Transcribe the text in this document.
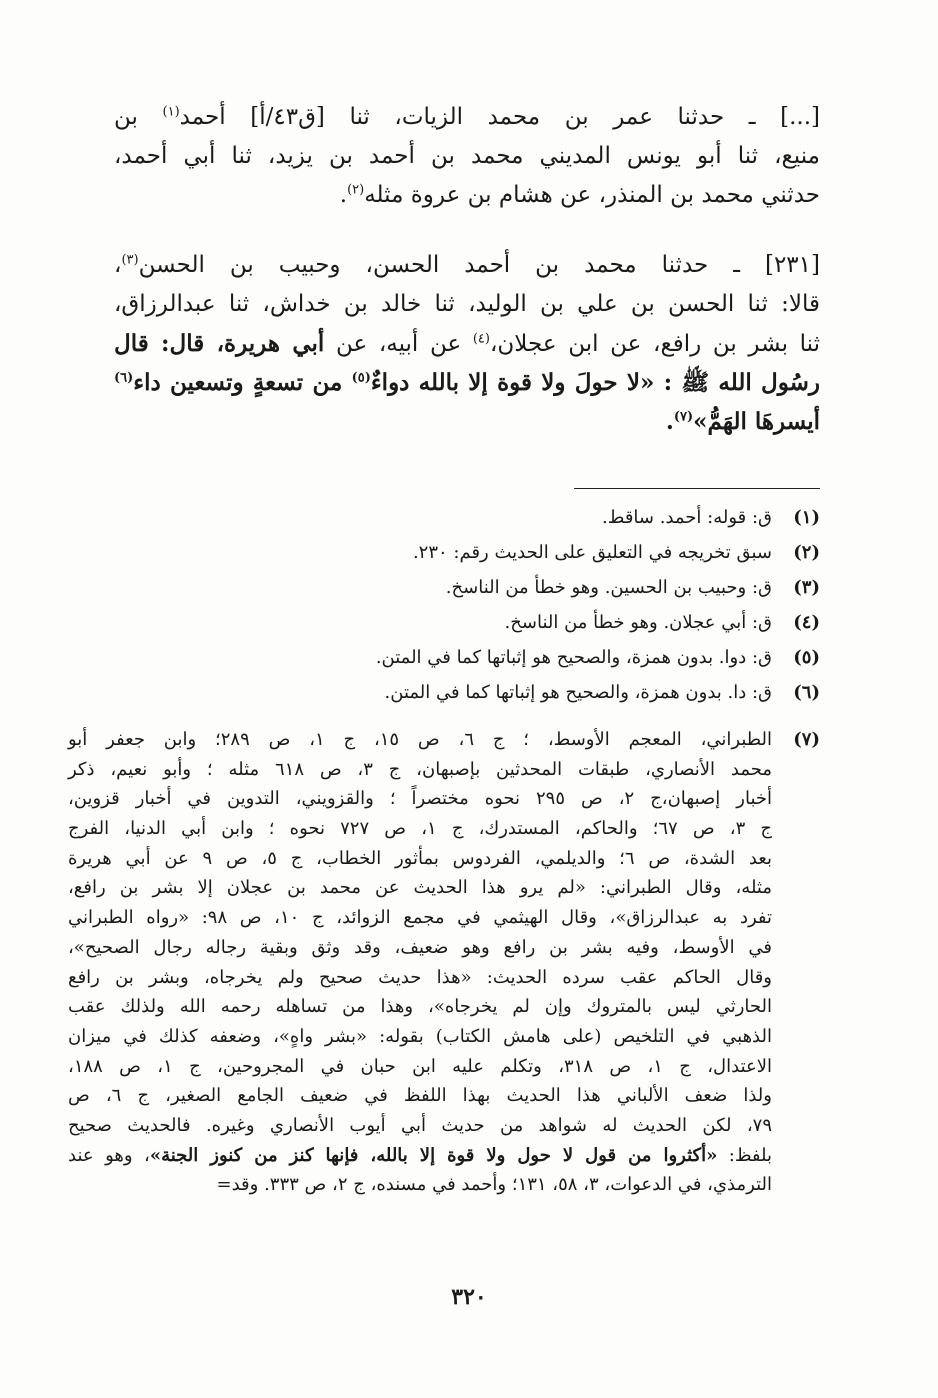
[...] ـ حدثنا عمر بن محمد الزيات، ثنا [ق٤٣/أ] أحمد$^{(١)}$ بن
منيع، ثنا أبو يونس المديني محمد بن أحمد بن يزيد، ثنا أبي أحمد،
حدثني محمد بن المنذر، عن هشام بن عروة مثله$^{(٢)}$.
[٢٣١] ـ حدثنا محمد بن أحمد الحسن، وحبيب بن الحسن$^{(٣)}$،
قالا: ثنا الحسن بن علي بن الوليد، ثنا خالد بن خداش، ثنا عبدالرزاق،
ثنا بشر بن رافع، عن ابن عجلان،$^{(٤)}$ عن أبيه، عن أبي هريرة، قال: قال
رسُول الله ﷺ : «لا حولَ ولا قوة إلا بالله دواءٌ$^{(٥)}$ من تسعةٍ وتسعين داء$^{(٦)}$
أيسرهَا الهَمُّ»$^{(٧)}$.
(١)
ق: قوله: أحمد. ساقط.
(٢)
سبق تخريجه في التعليق على الحديث رقم: ٢٣٠.
(٣)
ق: وحبيب بن الحسين. وهو خطأ من الناسخ.
(٤)
ق: أبي عجلان. وهو خطأ من الناسخ.
(٥)
ق: دوا. بدون همزة، والصحيح هو إثباتها كما في المتن.
(٦)
ق: دا. بدون همزة، والصحيح هو إثباتها كما في المتن.
(٧)
الطبراني، المعجم الأوسط، ؛ ج ٦، ص ١٥، ج ١، ص ٢٨٩؛ وابن جعفر أبو
محمد الأنصاري، طبقات المحدثين بإصبهان، ج ٣، ص ٦١٨ مثله ؛ وأبو نعيم، ذكر
أخبار إصبهان،ج ٢، ص ٢٩٥ نحوه مختصراً ؛ والقزويني، التدوين في أخبار قزوين،
ج ٣، ص ٦٧؛ والحاكم، المستدرك، ج ١، ص ٧٢٧ نحوه ؛ وابن أبي الدنيا، الفرج
بعد الشدة، ص ٦؛ والديلمي، الفردوس بمأثور الخطاب، ج ٥، ص ٩ عن أبي هريرة
مثله، وقال الطبراني: «لم يرو هذا الحديث عن محمد بن عجلان إلا بشر بن رافع،
تفرد به عبدالرزاق»، وقال الهيثمي في مجمع الزوائد، ج ١٠، ص ٩٨: «رواه الطبراني
في الأوسط، وفيه بشر بن رافع وهو ضعيف، وقد وثق وبقية رجاله رجال الصحيح»،
وقال الحاكم عقب سرده الحديث: «هذا حديث صحيح ولم يخرجاه، وبشر بن رافع
الحارثي ليس بالمتروك وإن لم يخرجاه»، وهذا من تساهله رحمه الله ولذلك عقب
الذهبي في التلخيص (على هامش الكتاب) بقوله: «بشر واهٍ»، وضعفه كذلك في ميزان
الاعتدال، ج ١، ص ٣١٨، وتكلم عليه ابن حبان في المجروحين، ج ١، ص ١٨٨،
ولذا ضعف الألباني هذا الحديث بهذا اللفظ في ضعيف الجامع الصغير، ج ٦، ص
٧٩، لكن الحديث له شواهد من حديث أبي أيوب الأنصاري وغيره. فالحديث صحيح
بلفظ: «أكثروا من قول لا حول ولا قوة إلا بالله، فإنها كنز من كنوز الجنة»، وهو عند
الترمذي، في الدعوات، ٣، ٥٨، ١٣١؛ وأحمد في مسنده، ج ٢، ص ٣٣٣. وقد=
٣٢٠
